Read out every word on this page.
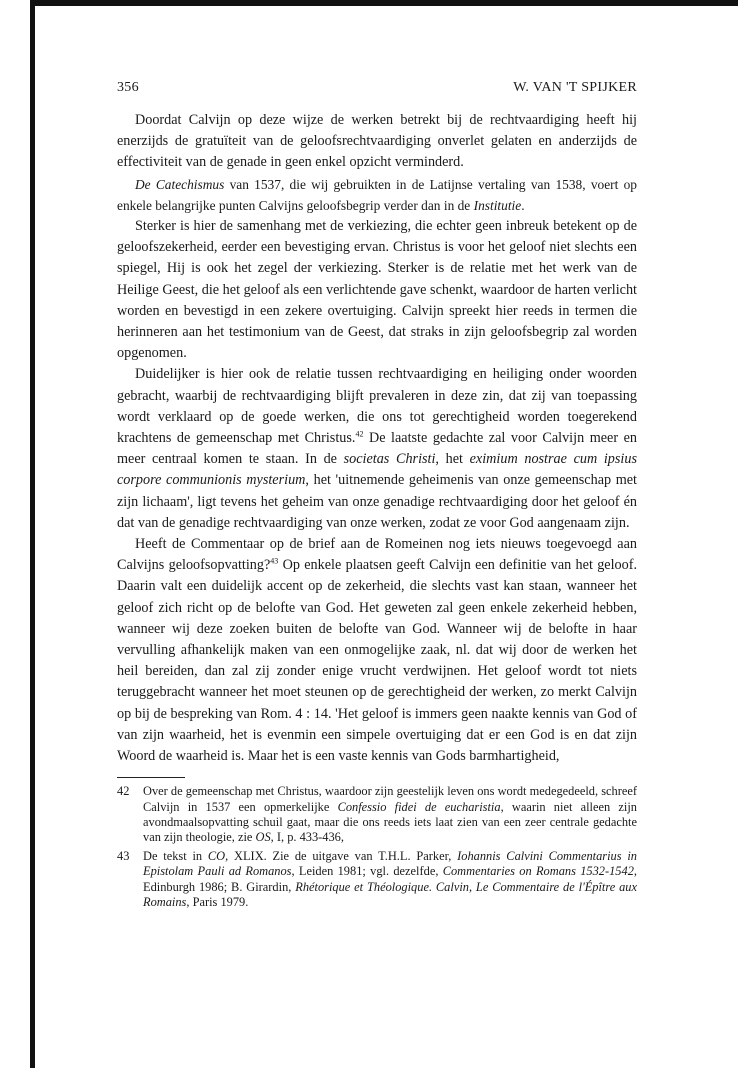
356	W. VAN 'T SPIJKER

Doordat Calvijn op deze wijze de werken betrekt bij de rechtvaardiging heeft hij enerzijds de gratuïteit van de geloofsrechtvaardiging onverlet gelaten en anderzijds de effectiviteit van de genade in geen enkel opzicht verminderd.

De Catechismus van 1537, die wij gebruikten in de Latijnse vertaling van 1538, voert op enkele belangrijke punten Calvijns geloofsbegrip verder dan in de Institutie.

Sterker is hier de samenhang met de verkiezing, die echter geen inbreuk betekent op de geloofszekerheid, eerder een bevestiging ervan. Christus is voor het geloof niet slechts een spiegel, Hij is ook het zegel der verkiezing. Sterker is de relatie met het werk van de Heilige Geest, die het geloof als een verlichtende gave schenkt, waardoor de harten verlicht worden en bevestigd in een zekere overtuiging. Calvijn spreekt hier reeds in termen die herinneren aan het testimonium van de Geest, dat straks in zijn geloofsbegrip zal worden opgenomen.

Duidelijker is hier ook de relatie tussen rechtvaardiging en heiliging onder woorden gebracht, waarbij de rechtvaardiging blijft prevaleren in deze zin, dat zij van toepassing wordt verklaard op de goede werken, die ons tot gerechtigheid worden toegerekend krachtens de gemeenschap met Christus.$^{42}$ De laatste gedachte zal voor Calvijn meer en meer centraal komen te staan. In de societas Christi, het eximium nostrae cum ipsius corpore communionis mysterium, het 'uitnemende geheimenis van onze gemeenschap met zijn lichaam', ligt tevens het geheim van onze genadige rechtvaardiging door het geloof én dat van de genadige rechtvaardiging van onze werken, zodat ze voor God aangenaam zijn.

Heeft de Commentaar op de brief aan de Romeinen nog iets nieuws toegevoegd aan Calvijns geloofsopvatting?$^{43}$ Op enkele plaatsen geeft Calvijn een definitie van het geloof. Daarin valt een duidelijk accent op de zekerheid, die slechts vast kan staan, wanneer het geloof zich richt op de belofte van God. Het geweten zal geen enkele zekerheid hebben, wanneer wij deze zoeken buiten de belofte van God. Wanneer wij de belofte in haar vervulling afhankelijk maken van een onmogelijke zaak, nl. dat wij door de werken het heil bereiden, dan zal zij zonder enige vrucht verdwijnen. Het geloof wordt tot niets teruggebracht wanneer het moet steunen op de gerechtigheid der werken, zo merkt Calvijn op bij de bespreking van Rom. 4 : 14. 'Het geloof is immers geen naakte kennis van God of van zijn waarheid, het is evenmin een simpele overtuiging dat er een God is en dat zijn Woord de waarheid is. Maar het is een vaste kennis van Gods barmhartigheid,

42	Over de gemeenschap met Christus, waardoor zijn geestelijk leven ons wordt medegedeeld, schreef Calvijn in 1537 een opmerkelijke Confessio fidei de eucharistia, waarin niet alleen zijn avondmaalsopvatting schuil gaat, maar die ons reeds iets laat zien van een zeer centrale gedachte van zijn theologie, zie OS, I, p. 433-436,
43	De tekst in CO, XLIX. Zie de uitgave van T.H.L. Parker, Iohannis Calvini Commentarius in Epistolam Pauli ad Romanos, Leiden 1981; vgl. dezelfde, Commentaries on Romans 1532-1542, Edinburgh 1986; B. Girardin, Rhétorique et Théologique. Calvin, Le Commentaire de l'Épître aux Romains, Paris 1979.
